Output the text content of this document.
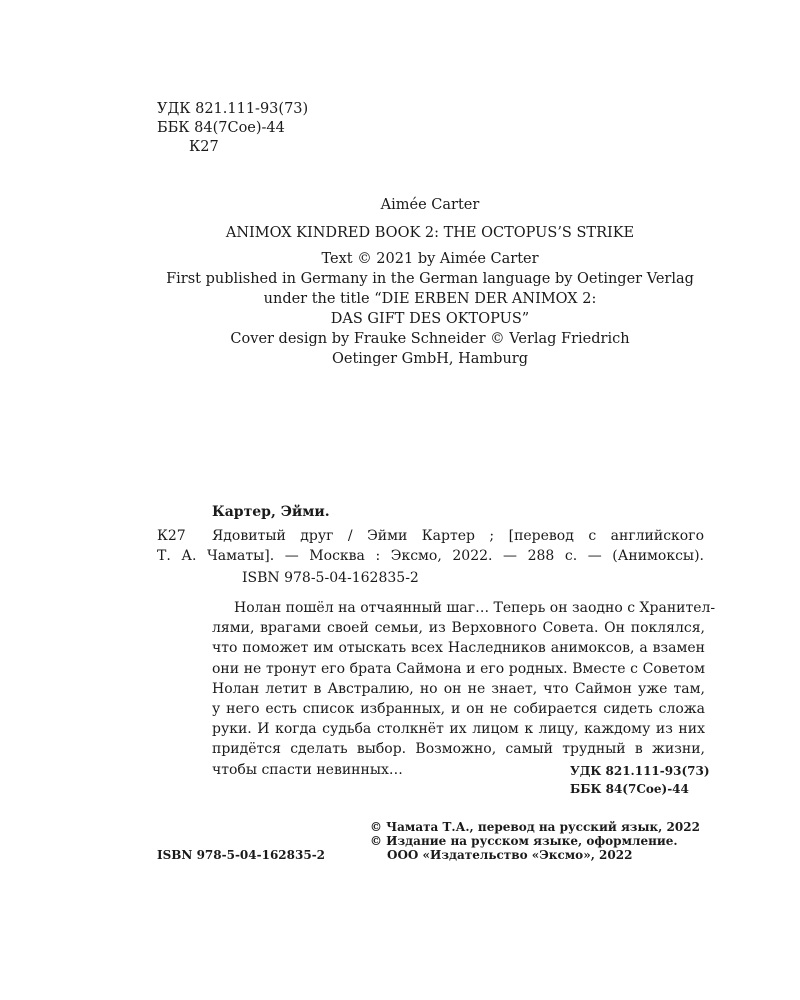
УДК 821.111-93(73)
ББК 84(7Сое)-44
К27
Aimée Carter
ANIMOX KINDRED BOOK 2: THE OCTOPUS’S STRIKE
Text © 2021 by Aimée Carter
First published in Germany in the German language by Oetinger Verlag
under the title “DIE ERBEN DER ANIMOX 2:
DAS GIFT DES OKTOPUS”
Cover design by Frauke Schneider © Verlag Friedrich
Oetinger GmbH, Hamburg
Картер, Эйми.
К27 Ядовитый друг / Эйми Картер ; [перевод с английского
Т. А. Чаматы]. — Москва : Эксмо, 2022. — 288 с. — (Анимоксы).
ISBN 978-5-04-162835-2
Нолан пошёл на отчаянный шаг… Теперь он заодно с Хранител-
лями, врагами своей семьи, из Верховного Совета. Он поклялся,
что поможет им отыскать всех Наследников анимоксов, а взамен
они не тронут его брата Саймона и его родных. Вместе с Советом
Нолан летит в Австралию, но он не знает, что Саймон уже там,
у него есть список избранных, и он не собирается сидеть сложа
руки. И когда судьба столкнёт их лицом к лицу, каждому из них
придётся сделать выбор. Возможно, самый трудный в жизни,
чтобы спасти невинных…	УДК 821.111-93(73)
ББК 84(7Сое)-44
© Чамата Т.А., перевод на русский язык, 2022
© Издание на русском языке, оформление.
ООО «Издательство «Эксмо», 2022
ISBN 978-5-04-162835-2
